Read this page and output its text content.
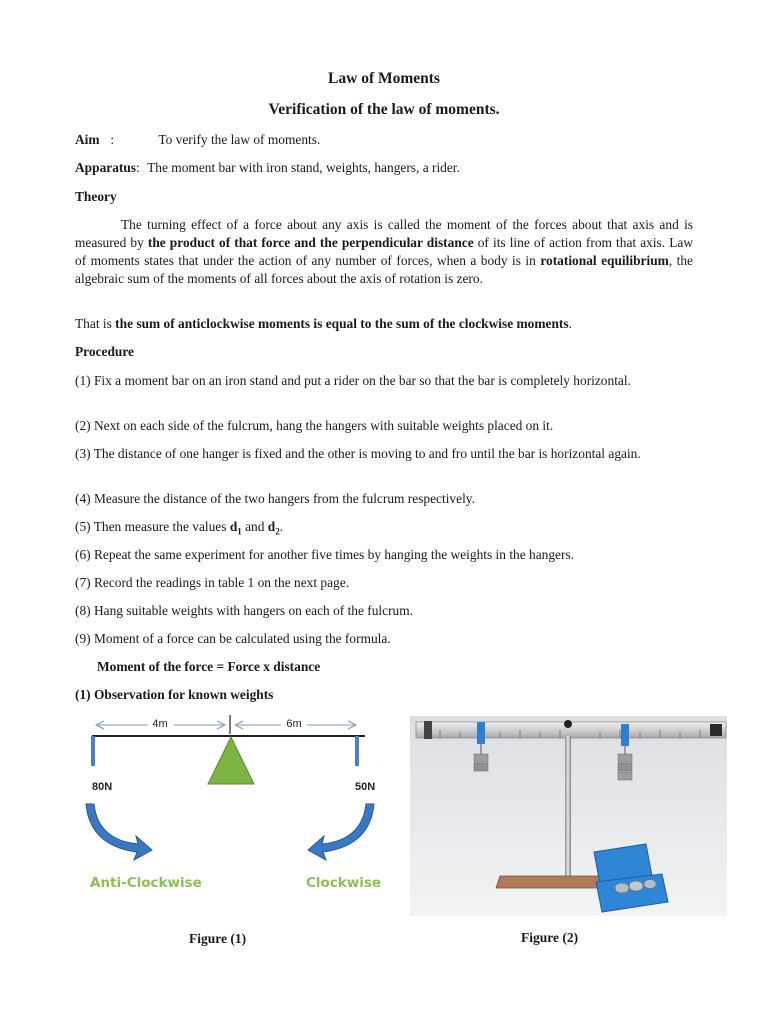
Law of Moments

Verification of the law of moments.

Aim :	To verify the law of moments.
Apparatus: The moment bar with iron stand, weights, hangers, a rider.
Theory
The turning effect of a force about any axis is called the moment of the forces about that axis and is measured by the product of that force and the perpendicular distance of its line of action from that axis. Law of moments states that under the action of any number of forces, when a body is in rotational equilibrium, the algebraic sum of the moments of all forces about the axis of rotation is zero.
That is the sum of anticlockwise moments is equal to the sum of the clockwise moments.
Procedure
(1) Fix a moment bar on an iron stand and put a rider on the bar so that the bar is completely horizontal.
(2) Next on each side of the fulcrum, hang the hangers with suitable weights placed on it.
(3) The distance of one hanger is fixed and the other is moving to and fro until the bar is horizontal again.
(4) Measure the distance of the two hangers from the fulcrum respectively.
(5) Then measure the values $d_1$ and $d_2$.
(6) Repeat the same experiment for another five times by hanging the weights in the hangers.
(7) Record the readings in table 1 on the next page.
(8) Hang suitable weights with hangers on each of the fulcrum.
(9) Moment of a force can be calculated using the formula.
Moment of the force = Force x distance
(1) Observation for known weights
4m	6m
80N	50N
Anti-Clockwise	Clockwise
Figure (1)	Figure (2)
